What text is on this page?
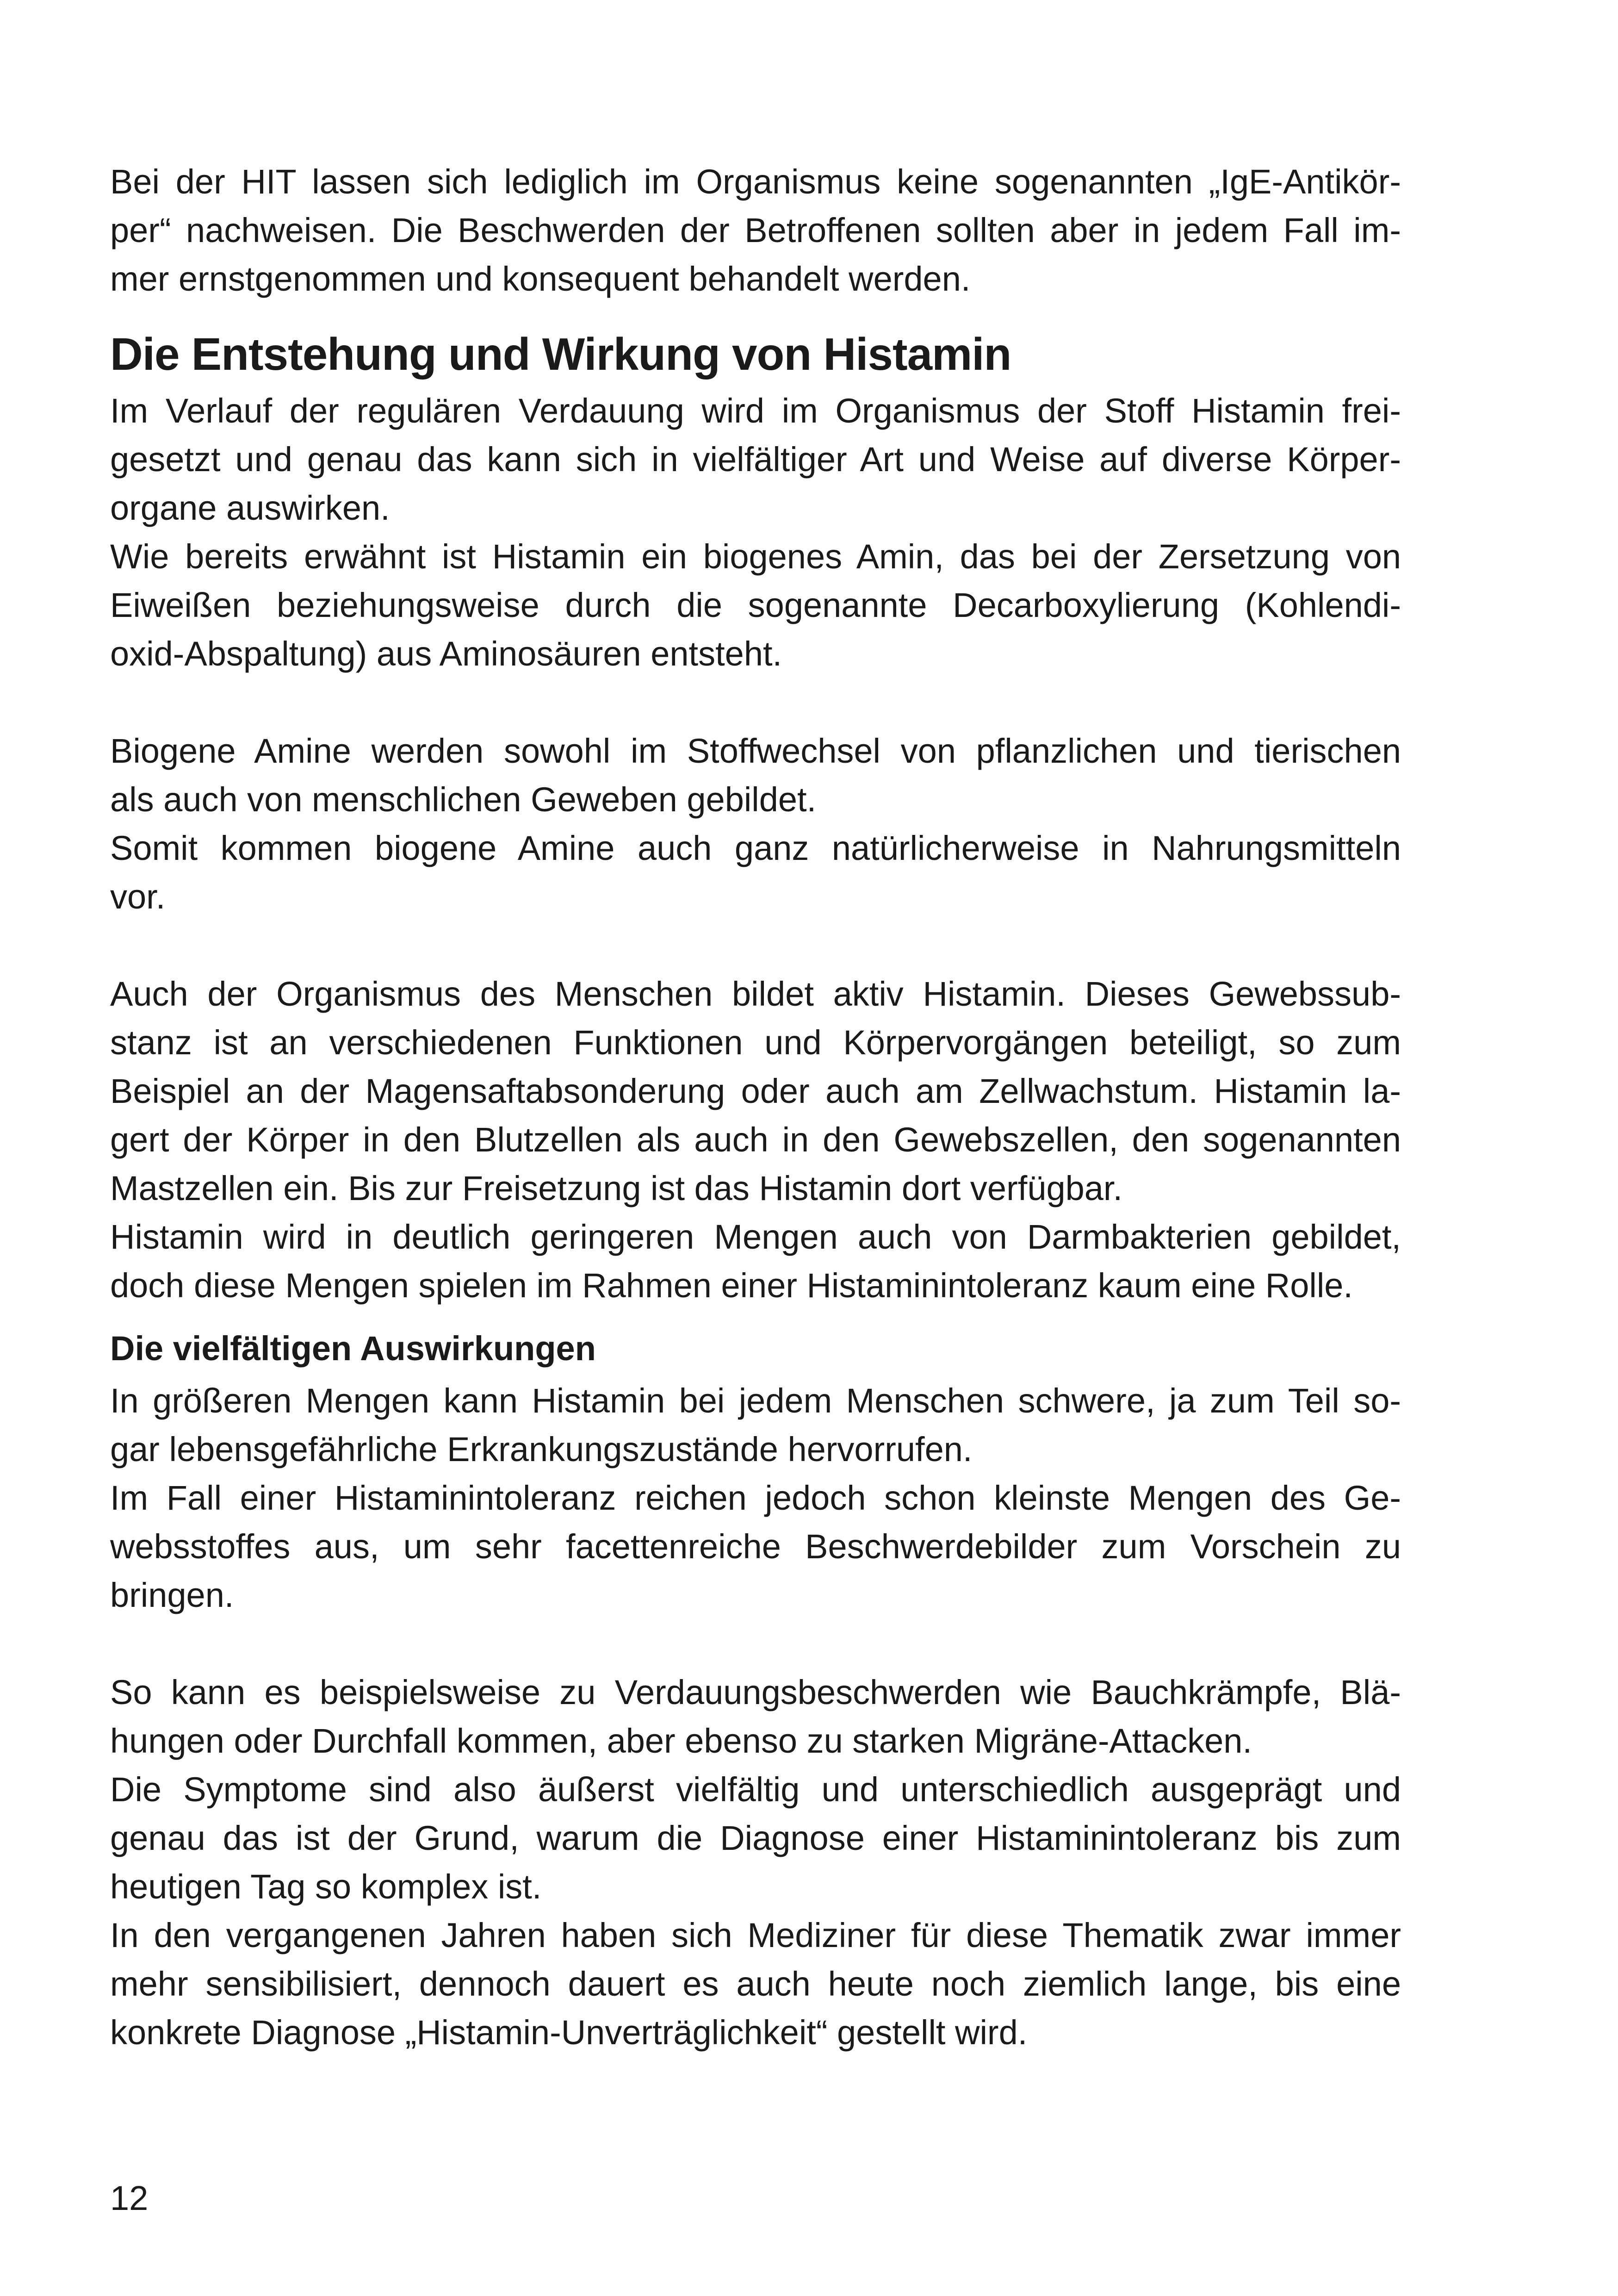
Bei der HIT lassen sich lediglich im Organismus keine sogenannten „IgE-Antikör-
per“ nachweisen. Die Beschwerden der Betroffenen sollten aber in jedem Fall im-
mer ernstgenommen und konsequent behandelt werden.

Die Entstehung und Wirkung von Histamin

Im Verlauf der regulären Verdauung wird im Organismus der Stoff Histamin frei-
gesetzt und genau das kann sich in vielfältiger Art und Weise auf diverse Körper-
organe auswirken.
Wie bereits erwähnt ist Histamin ein biogenes Amin, das bei der Zersetzung von
Eiweißen beziehungsweise durch die sogenannte Decarboxylierung (Kohlendi-
oxid-Abspaltung) aus Aminosäuren entsteht.

Biogene Amine werden sowohl im Stoffwechsel von pflanzlichen und tierischen
als auch von menschlichen Geweben gebildet.
Somit kommen biogene Amine auch ganz natürlicherweise in Nahrungsmitteln
vor.

Auch der Organismus des Menschen bildet aktiv Histamin. Dieses Gewebssub-
stanz ist an verschiedenen Funktionen und Körpervorgängen beteiligt, so zum
Beispiel an der Magensaftabsonderung oder auch am Zellwachstum. Histamin la-
gert der Körper in den Blutzellen als auch in den Gewebszellen, den sogenannten
Mastzellen ein. Bis zur Freisetzung ist das Histamin dort verfügbar.
Histamin wird in deutlich geringeren Mengen auch von Darmbakterien gebildet,
doch diese Mengen spielen im Rahmen einer Histaminintoleranz kaum eine Rolle.

Die vielfältigen Auswirkungen

In größeren Mengen kann Histamin bei jedem Menschen schwere, ja zum Teil so-
gar lebensgefährliche Erkrankungszustände hervorrufen.
Im Fall einer Histaminintoleranz reichen jedoch schon kleinste Mengen des Ge-
websstoffes aus, um sehr facettenreiche Beschwerdebilder zum Vorschein zu
bringen.

So kann es beispielsweise zu Verdauungsbeschwerden wie Bauchkrämpfe, Blä-
hungen oder Durchfall kommen, aber ebenso zu starken Migräne-Attacken.
Die Symptome sind also äußerst vielfältig und unterschiedlich ausgeprägt und
genau das ist der Grund, warum die Diagnose einer Histaminintoleranz bis zum
heutigen Tag so komplex ist.
In den vergangenen Jahren haben sich Mediziner für diese Thematik zwar immer
mehr sensibilisiert, dennoch dauert es auch heute noch ziemlich lange, bis eine
konkrete Diagnose „Histamin-Unverträglichkeit“ gestellt wird.

12
